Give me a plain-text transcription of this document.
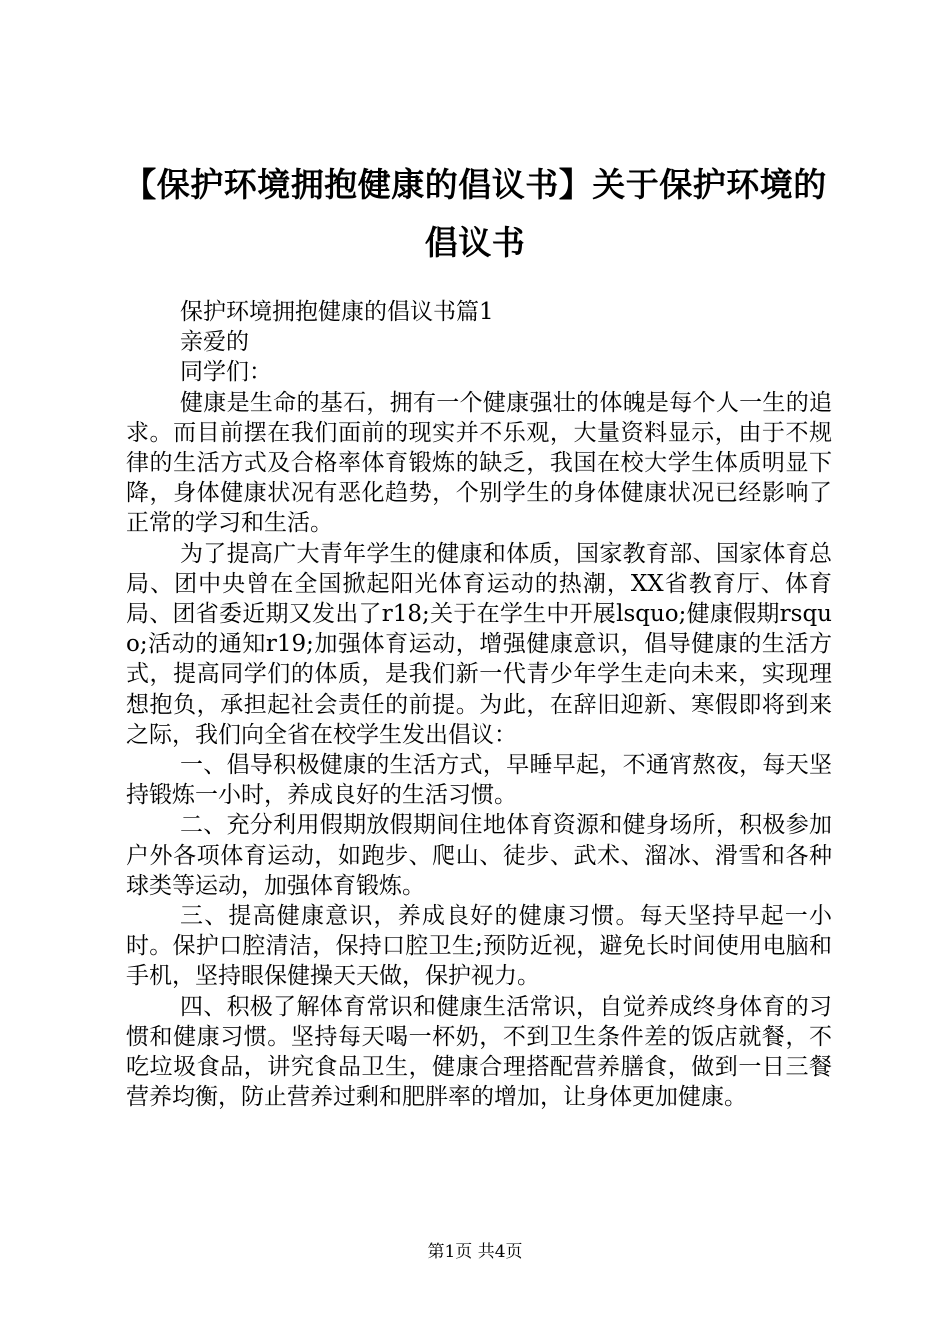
【保护环境拥抱健康的倡议书】关于保护环境的倡议书

保护环境拥抱健康的倡议书篇1

亲爱的

同学们：

健康是生命的基石，拥有一个健康强壮的体魄是每个人一生的追求。而目前摆在我们面前的现实并不乐观，大量资料显示，由于不规律的生活方式及合格率体育锻炼的缺乏，我国在校大学生体质明显下降，身体健康状况有恶化趋势，个别学生的身体健康状况已经影响了正常的学习和生活。

为了提高广大青年学生的健康和体质，国家教育部、国家体育总局、团中央曾在全国掀起阳光体育运动的热潮，XX省教育厅、体育局、团省委近期又发出了r18;关于在学生中开展lsquo;健康假期rsquo;活动的通知r19;加强体育运动，增强健康意识，倡导健康的生活方式，提高同学们的体质，是我们新一代青少年学生走向未来，实现理想抱负，承担起社会责任的前提。为此，在辞旧迎新、寒假即将到来之际，我们向全省在校学生发出倡议：

一、倡导积极健康的生活方式，早睡早起，不通宵熬夜，每天坚持锻炼一小时，养成良好的生活习惯。

二、充分利用假期放假期间住地体育资源和健身场所，积极参加户外各项体育运动，如跑步、爬山、徒步、武术、溜冰、滑雪和各种球类等运动，加强体育锻炼。

三、提高健康意识，养成良好的健康习惯。每天坚持早起一小时。保护口腔清洁，保持口腔卫生;预防近视，避免长时间使用电脑和手机，坚持眼保健操天天做，保护视力。

四、积极了解体育常识和健康生活常识，自觉养成终身体育的习惯和健康习惯。坚持每天喝一杯奶，不到卫生条件差的饭店就餐，不吃垃圾食品，讲究食品卫生，健康合理搭配营养膳食，做到一日三餐营养均衡，防止营养过剩和肥胖率的增加，让身体更加健康。

第1页 共4页
